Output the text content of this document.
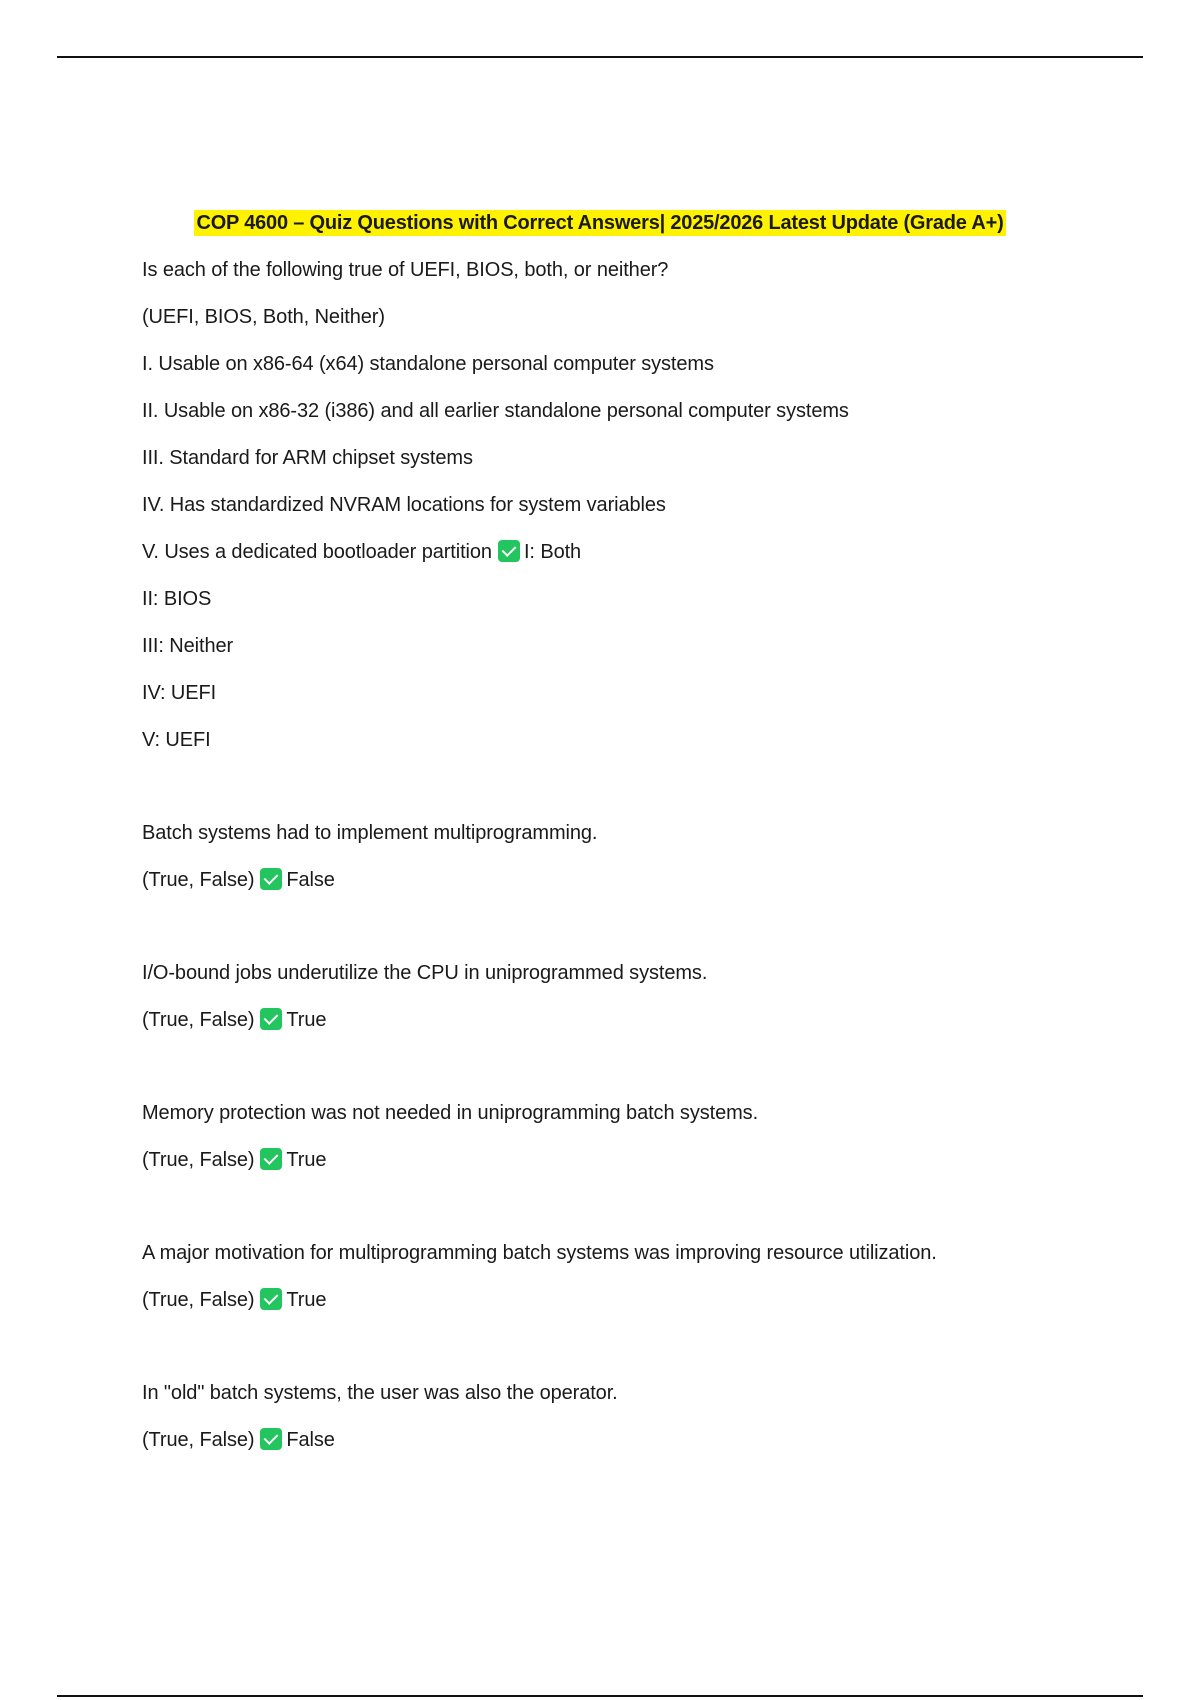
COP 4600 – Quiz Questions with Correct Answers| 2025/2026 Latest Update (Grade A+)
Is each of the following true of UEFI, BIOS, both, or neither?
(UEFI, BIOS, Both, Neither)
I. Usable on x86-64 (x64) standalone personal computer systems
II. Usable on x86-32 (i386) and all earlier standalone personal computer systems
III. Standard for ARM chipset systems
IV. Has standardized NVRAM locations for system variables
V. Uses a dedicated bootloader partition I: Both
II: BIOS
III: Neither
IV: UEFI
V: UEFI
Batch systems had to implement multiprogramming.
(True, False) False
I/O-bound jobs underutilize the CPU in uniprogrammed systems.
(True, False) True
Memory protection was not needed in uniprogramming batch systems.
(True, False) True
A major motivation for multiprogramming batch systems was improving resource utilization.
(True, False) True
In "old" batch systems, the user was also the operator.
(True, False) False
